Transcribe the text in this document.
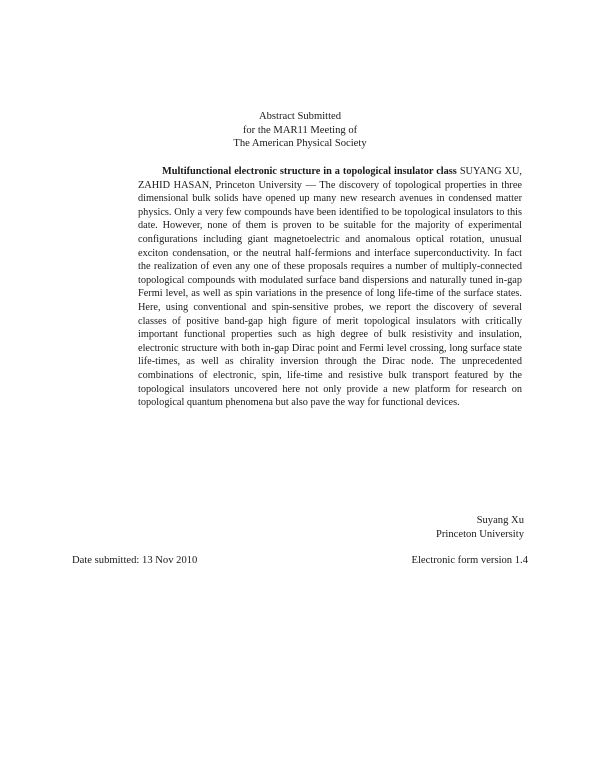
Abstract Submitted
for the MAR11 Meeting of
The American Physical Society
Multifunctional electronic structure in a topological insulator class SUYANG XU, ZAHID HASAN, Princeton University — The discovery of topological properties in three dimensional bulk solids have opened up many new research avenues in condensed matter physics. Only a very few compounds have been identified to be topological insulators to this date. However, none of them is proven to be suitable for the majority of experimental configurations including giant magnetoelectric and anomalous optical rotation, unusual exciton condensation, or the neutral half-fermions and interface superconductivity. In fact the realization of even any one of these proposals requires a number of multiply-connected topological compounds with modulated surface band dispersions and naturally tuned in-gap Fermi level, as well as spin variations in the presence of long life-time of the surface states. Here, using conventional and spin-sensitive probes, we report the discovery of several classes of positive band-gap high figure of merit topological insulators with critically important functional properties such as high degree of bulk resistivity and insulation, electronic structure with both in-gap Dirac point and Fermi level crossing, long surface state life-times, as well as chirality inversion through the Dirac node. The unprecedented combinations of electronic, spin, life-time and resistive bulk transport featured by the topological insulators uncovered here not only provide a new platform for research on topological quantum phenomena but also pave the way for functional devices.
Suyang Xu
Princeton University
Date submitted: 13 Nov 2010	Electronic form version 1.4
